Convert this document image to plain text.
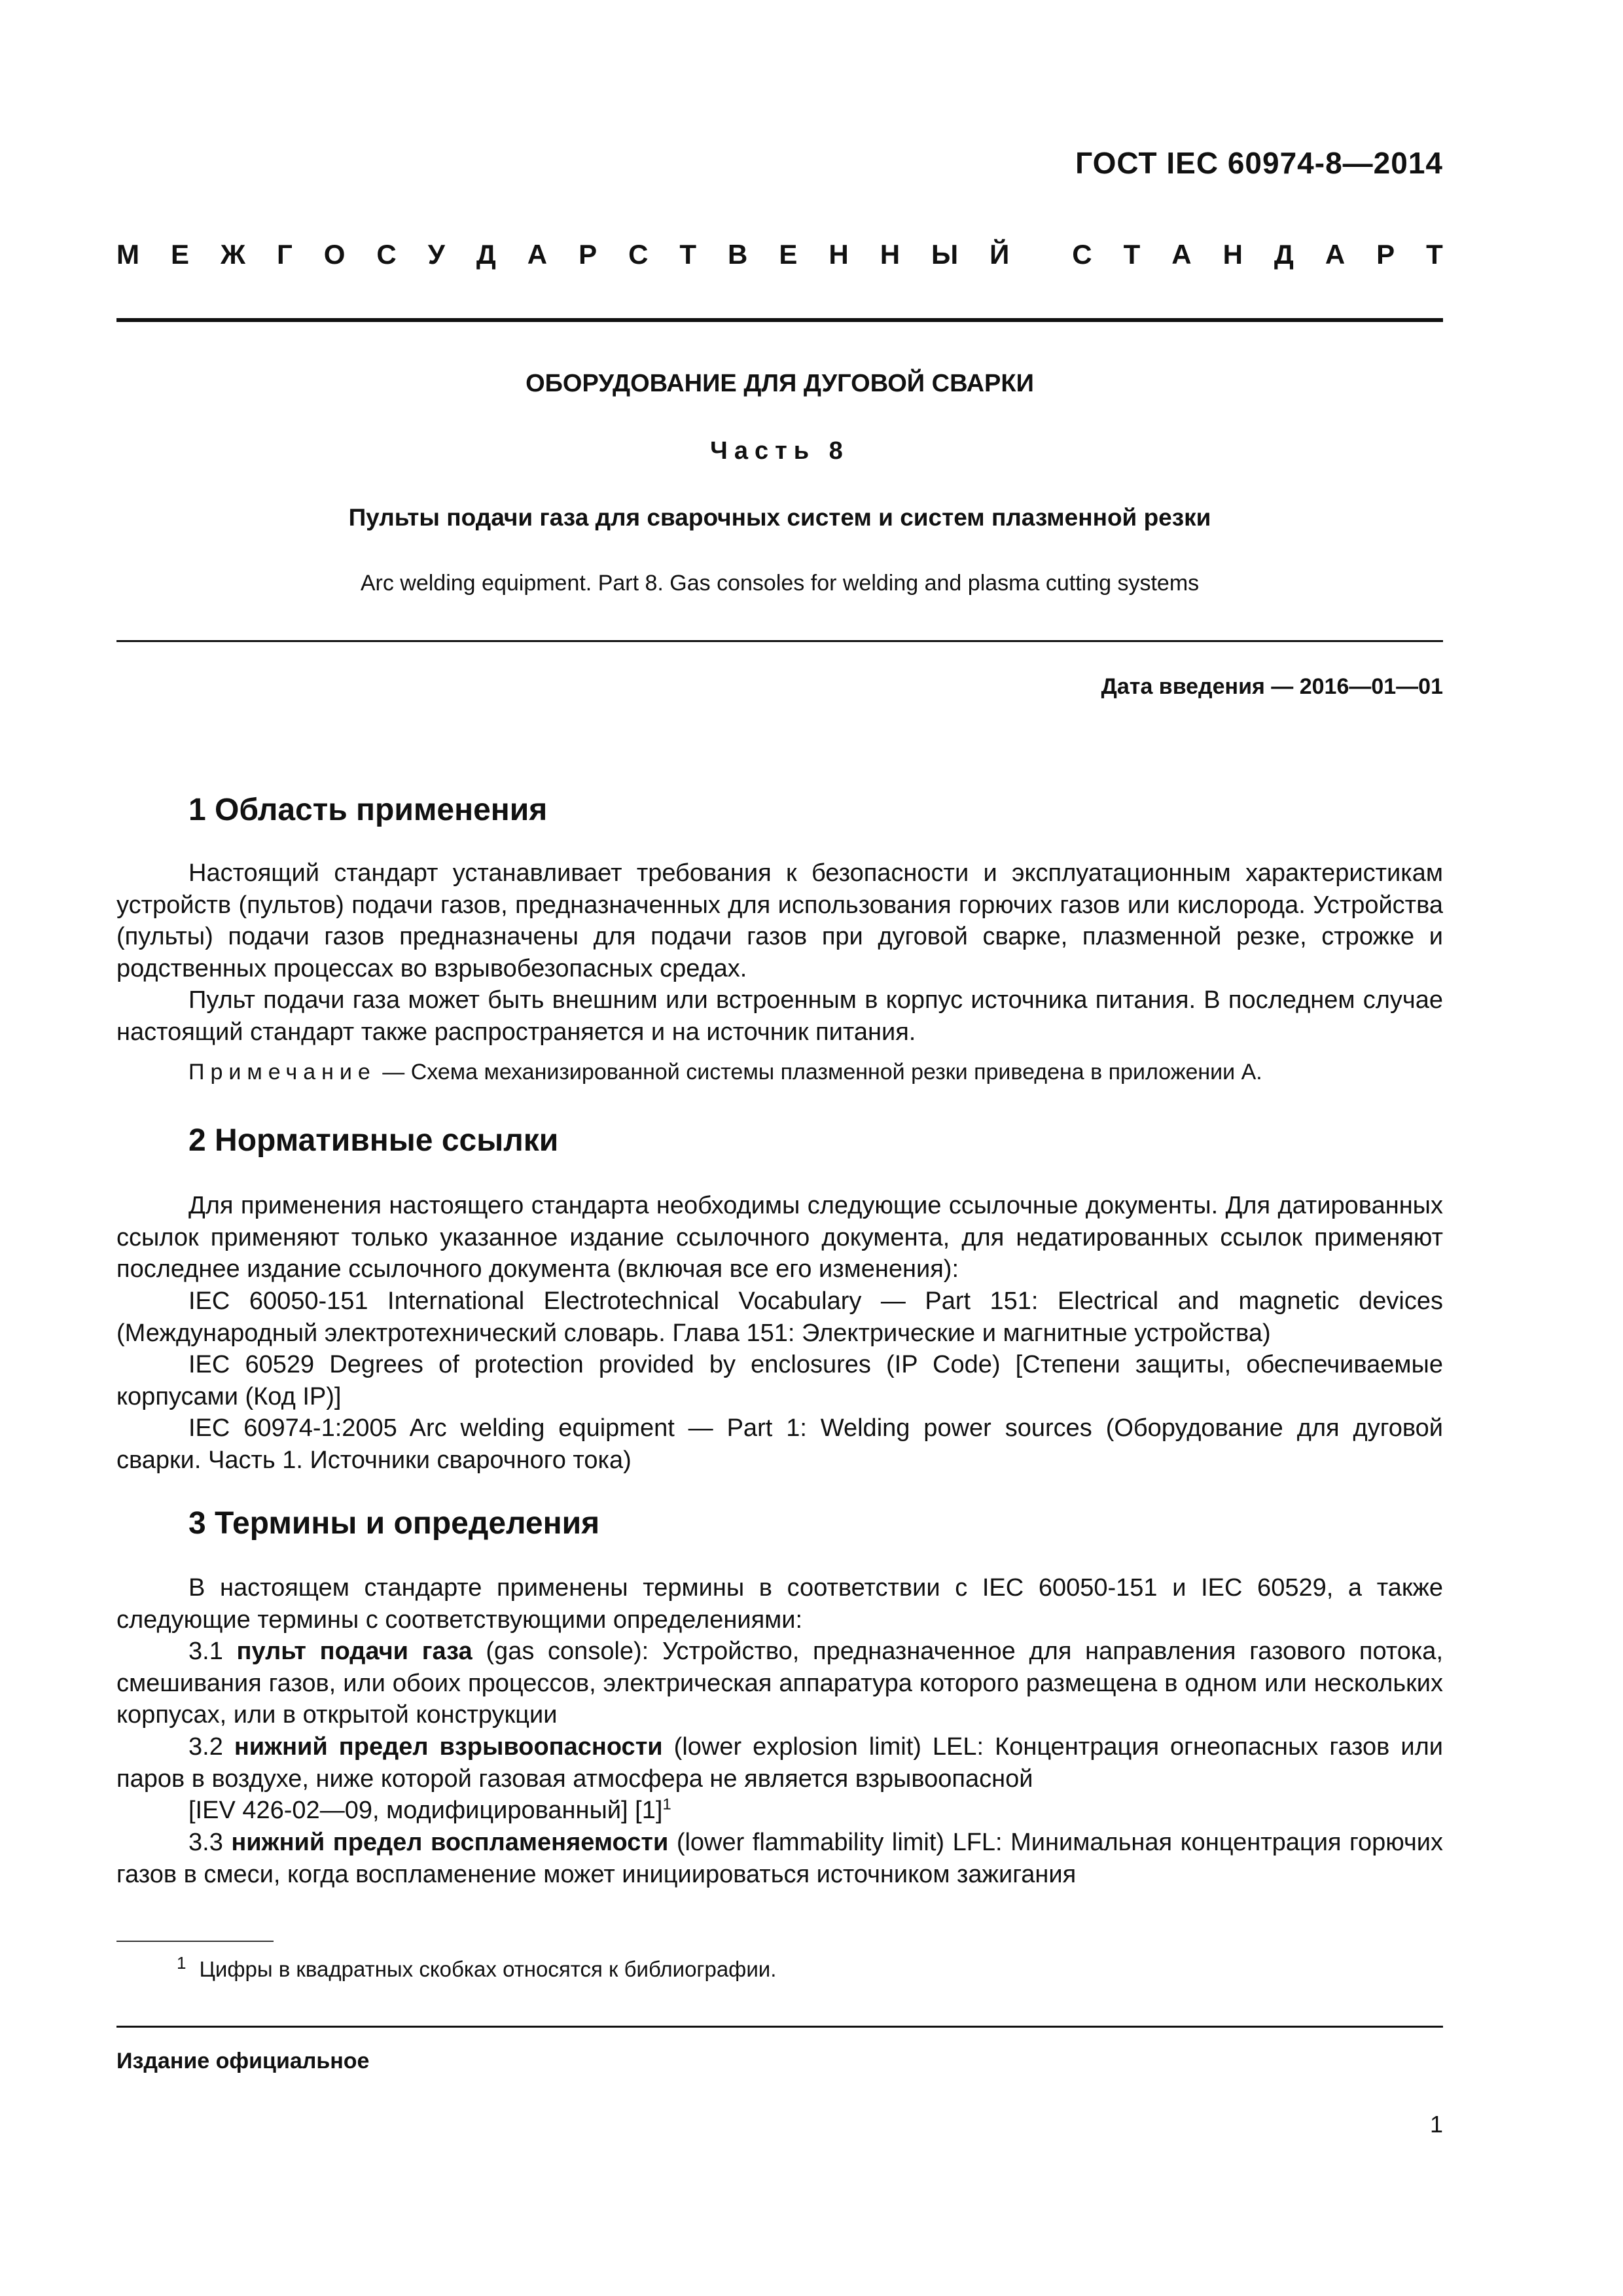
ГОСТ IEC 60974-8—2014
М Е Ж Г О С У Д А Р С Т В Е Н Н Ы Й С Т А Н Д А Р Т
ОБОРУДОВАНИЕ ДЛЯ ДУГОВОЙ СВАРКИ
Часть 8
Пульты подачи газа для сварочных систем и систем плазменной резки
Arc welding equipment. Part 8. Gas consoles for welding and plasma cutting systems
Дата введения — 2016—01—01
1 Область применения

Настоящий стандарт устанавливает требования к безопасности и эксплуатационным характеристикам устройств (пультов) подачи газов, предназначенных для использования горючих газов или кислорода. Устройства (пульты) подачи газов предназначены для подачи газов при дуговой сварке, плазменной резке, строжке и родственных процессах во взрывобезопасных средах.

Пульт подачи газа может быть внешним или встроенным в корпус источника питания. В последнем случае настоящий стандарт также распространяется и на источник питания.

Примечание — Схема механизированной системы плазменной резки приведена в приложении А.

2 Нормативные ссылки

Для применения настоящего стандарта необходимы следующие ссылочные документы. Для датированных ссылок применяют только указанное издание ссылочного документа, для недатированных ссылок применяют последнее издание ссылочного документа (включая все его изменения):

IEC 60050-151 International Electrotechnical Vocabulary — Part 151: Electrical and magnetic devices (Международный электротехнический словарь. Глава 151: Электрические и магнитные устройства)

IEC 60529 Degrees of protection provided by enclosures (IP Code) [Степени защиты, обеспечиваемые корпусами (Код IP)]

IEC 60974-1:2005 Arc welding equipment — Part 1: Welding power sources (Оборудование для дуговой сварки. Часть 1. Источники сварочного тока)

3 Термины и определения

В настоящем стандарте применены термины в соответствии с IEC 60050-151 и IEC 60529, а также следующие термины с соответствующими определениями:

3.1 пульт подачи газа (gas console): Устройство, предназначенное для направления газового потока, смешивания газов, или обоих процессов, электрическая аппаратура которого размещена в одном или нескольких корпусах, или в открытой конструкции

3.2 нижний предел взрывоопасности (lower explosion limit) LEL: Концентрация огнеопасных газов или паров в воздухе, ниже которой газовая атмосфера не является взрывоопасной

[IEV 426-02—09, модифицированный] $[1]^1$

3.3 нижний предел воспламеняемости (lower flammability limit) LFL: Минимальная концентрация горючих газов в смеси, когда воспламенение может инициироваться источником зажигания

$^1$ Цифры в квадратных скобках относятся к библиографии.
Издание официальное
1
